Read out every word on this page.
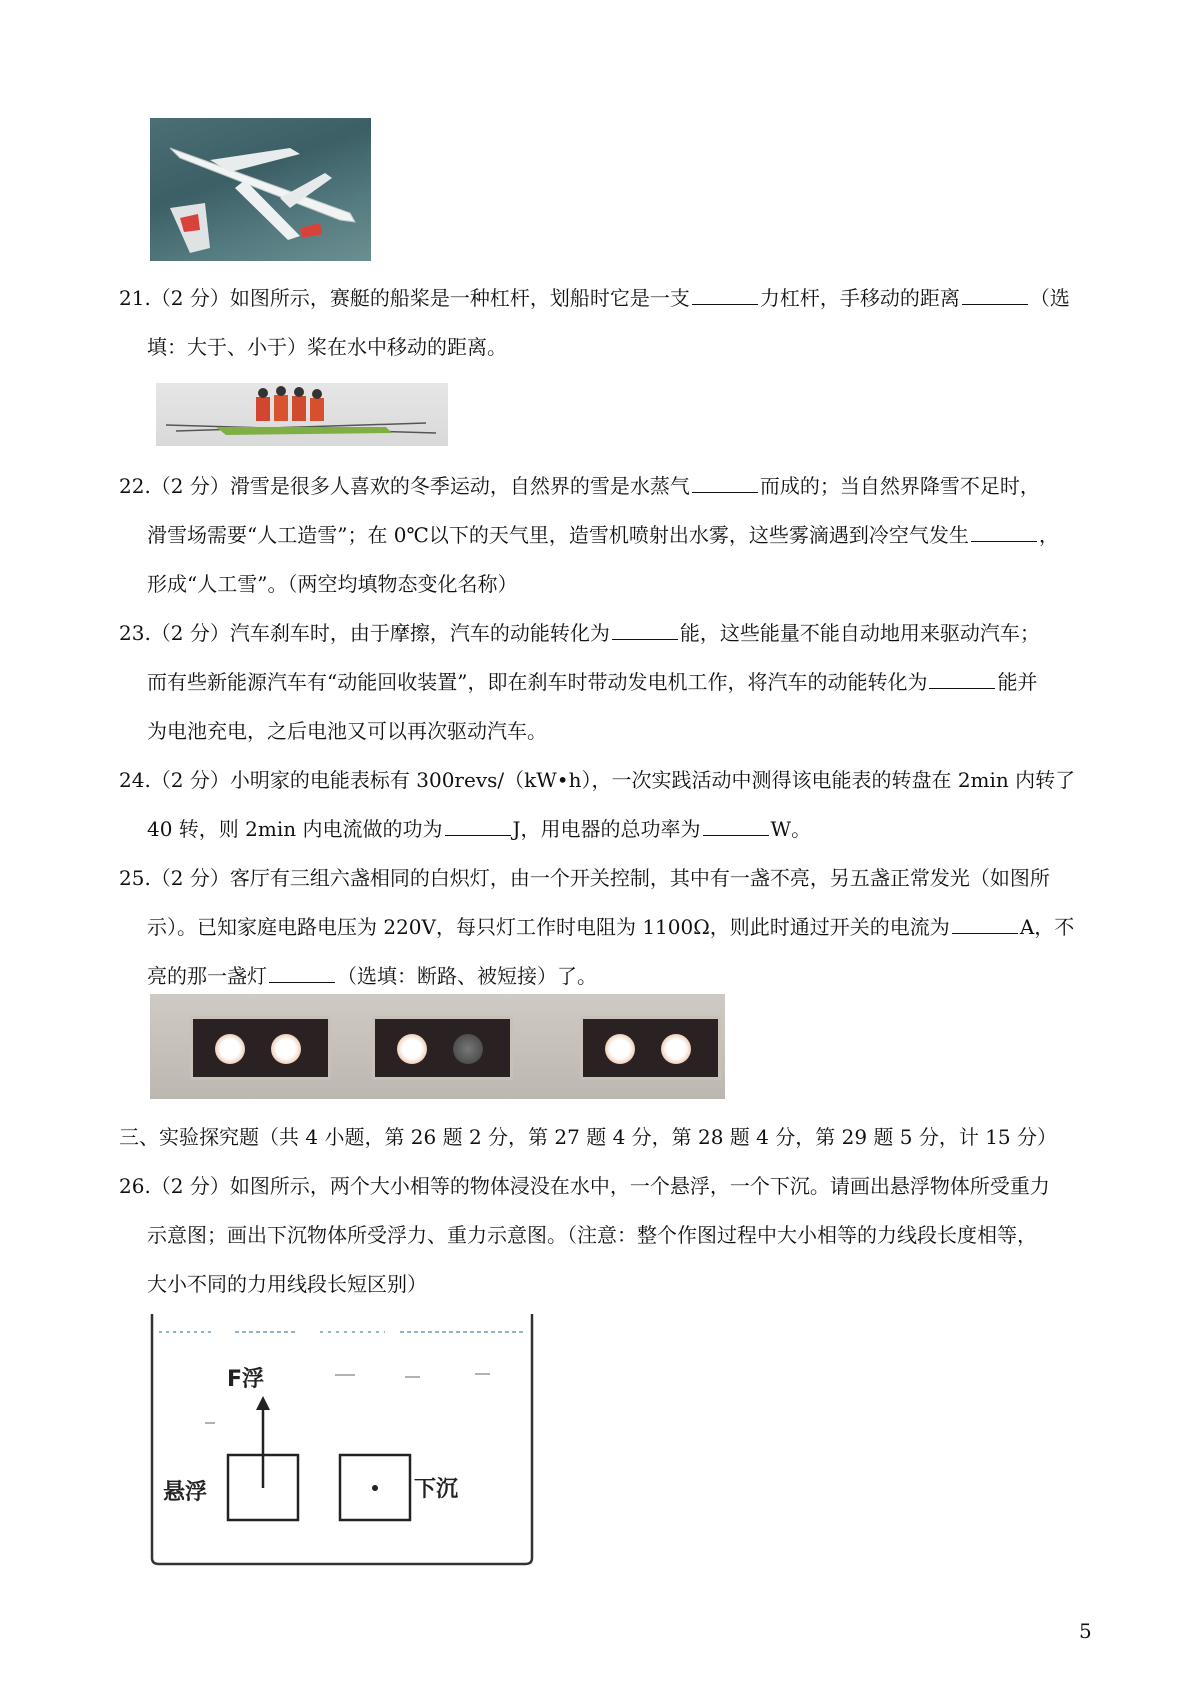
21.（2 分）如图所示，赛艇的船桨是一种杠杆，划船时它是一支	力杠杆，手移动的距离	（选
填：大于、小于）桨在水中移动的距离。
22.（2 分）滑雪是很多人喜欢的冬季运动，自然界的雪是水蒸气	而成的；当自然界降雪不足时，
滑雪场需要“人工造雪”；在 0℃以下的天气里，造雪机喷射出水雾，这些雾滴遇到冷空气发生	，
形成“人工雪”。（两空均填物态变化名称）
23.（2 分）汽车刹车时，由于摩擦，汽车的动能转化为	能，这些能量不能自动地用来驱动汽车；
而有些新能源汽车有“动能回收装置”，即在刹车时带动发电机工作，将汽车的动能转化为	能并
为电池充电，之后电池又可以再次驱动汽车。
24.（2 分）小明家的电能表标有 300revs/（kW•h），一次实践活动中测得该电能表的转盘在 2min 内转了
40 转，则 2min 内电流做的功为	J，用电器的总功率为	W。
25.（2 分）客厅有三组六盏相同的白炽灯，由一个开关控制，其中有一盏不亮，另五盏正常发光（如图所
示）。已知家庭电路电压为 220V，每只灯工作时电阻为 1100Ω，则此时通过开关的电流为	A，不
亮的那一盏灯	（选填：断路、被短接）了。
三、实验探究题（共 4 小题，第 26 题 2 分，第 27 题 4 分，第 28 题 4 分，第 29 题 5 分，计 15 分）
26.（2 分）如图所示，两个大小相等的物体浸没在水中，一个悬浮，一个下沉。请画出悬浮物体所受重力
示意图；画出下沉物体所受浮力、重力示意图。（注意：整个作图过程中大小相等的力线段长度相等，
大小不同的力用线段长短区别）
F浮
悬浮	下沉
5
